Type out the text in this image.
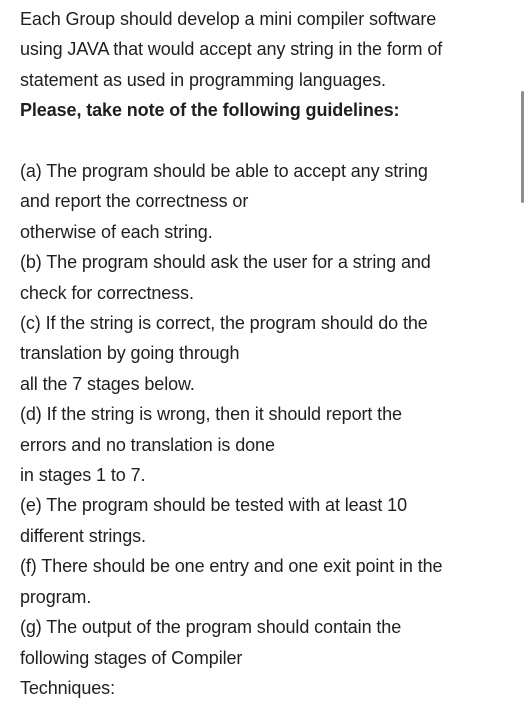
Each Group should develop a mini compiler software
using JAVA that would accept any string in the form of
statement as used in programming languages.
Please, take note of the following guidelines:
(a) The program should be able to accept any string
and report the correctness or
otherwise of each string.
(b) The program should ask the user for a string and
check for correctness.
(c) If the string is correct, the program should do the
translation by going through
all the 7 stages below.
(d) If the string is wrong, then it should report the
errors and no translation is done
in stages 1 to 7.
(e) The program should be tested with at least 10
different strings.
(f) There should be one entry and one exit point in the
program.
(g) The output of the program should contain the
following stages of Compiler
Techniques:
